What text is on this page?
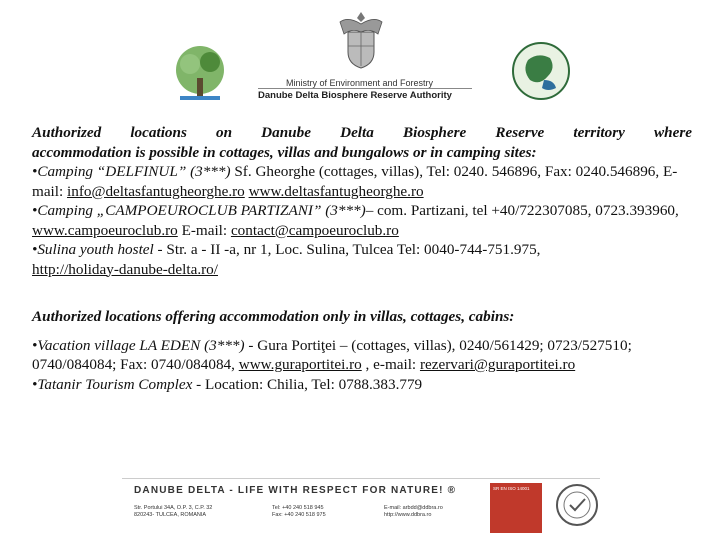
Ministry of Environment and Forestry
Danube Delta Biosphere Reserve Authority

Authorized locations on Danube Delta Biosphere Reserve territory where

accommodation is possible in cottages, villas and bungalows or in camping sites:

•Camping “DELFINUL” (3***) Sf. Gheorghe (cottages, villas), Tel: 0240. 546896, Fax: 0240.546896, E-mail: info@deltasfantugheorghe.ro www.deltasfantugheorghe.ro

•Camping „CAMPOEUROCLUB PARTIZANI” (3***)– com. Partizani, tel +40/722307085, 0723.393960, www.campoeuroclub.ro E-mail: contact@campoeuroclub.ro

•Sulina youth hostel - Str. a - II -a, nr 1, Loc. Sulina, Tulcea Tel: 0040-744-751.975,
http://holiday-danube-delta.ro/

Authorized locations offering accommodation only in villas, cottages, cabins:

•Vacation village LA EDEN (3***) - Gura Portiţei – (cottages, villas), 0240/561429; 0723/527510; 0740/084084; Fax: 0740/084084, www.guraportitei.ro , e-mail: rezervari@guraportitei.ro

•Tatanir Tourism Complex - Location: Chilia, Tel: 0788.383.779

DANUBE DELTA - LIFE WITH RESPECT FOR NATURE! ®
Str. Portului 34A, O.P. 3, C.P. 32
820243- TULCEA, ROMANIA
Tel: +40 240 518 945
Fax: +40 240 518 975
E-mail: arbdd@ddbra.ro
http://www.ddbra.ro
SR EN ISO 14001
